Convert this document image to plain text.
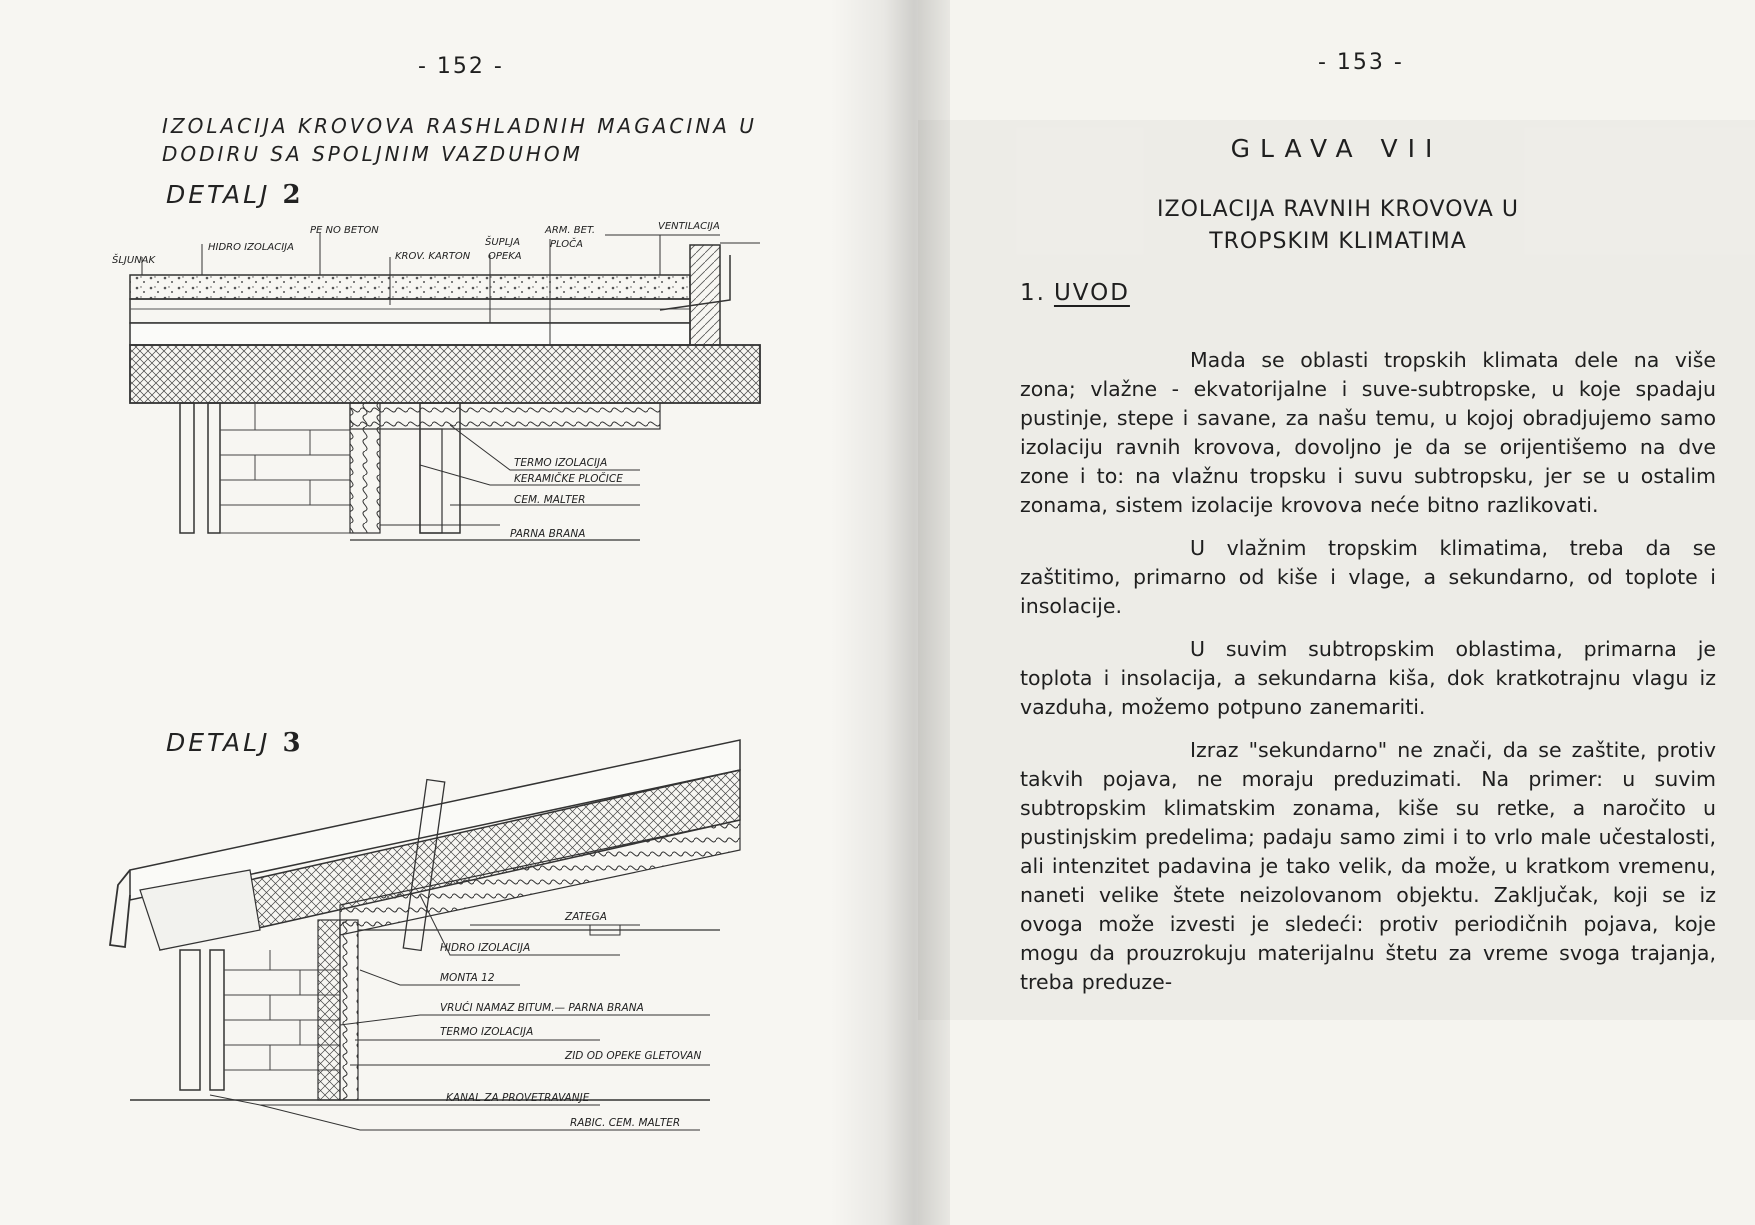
- 152 -
IZOLACIJA KROVOVA RASHLADNIH MAGACINA U
DODIRU SA SPOLJNIM VAZDUHOM
DETALJ 2
ŠLJUNAK
HIDRO IZOLACIJA
PE NO BETON
KROV. KARTON
ŠUPLJA
OPEKA
ARM. BET.
PLOČA
VENTILACIJA
TERMO IZOLACIJA
KERAMIČKE PLOČICE
CEM. MALTER
PARNA BRANA
DETALJ 3
ZATEGA
HIDRO IZOLACIJA
MONTA 12
VRUĆI NAMAZ BITUM.— PARNA BRANA
TERMO IZOLACIJA
ZID OD OPEKE GLETOVAN
KANAL ZA PROVETRAVANJE
RABIC. CEM. MALTER
- 153 -
GLAVA VII
IZOLACIJA RAVNIH KROVOVA U TROPSKIM KLIMATIMA
1. UVOD

Mada se oblasti tropskih klimata dele na više zona; vlažne - ekvatorijalne i suve-subtropske, u koje spadaju pustinje, stepe i savane, za našu temu, u kojoj obradjujemo samo izolaciju ravnih krovova, dovoljno je da se orijentišemo na dve zone i to: na vlažnu tropsku i suvu subtropsku, jer se u ostalim zonama, sistem izolacije krovova neće bitno razlikovati.

U vlažnim tropskim klimatima, treba da se zaštitimo, primarno od kiše i vlage, a sekundarno, od toplote i insolacije.

U suvim subtropskim oblastima, primarna je toplota i insolacija, a sekundarna kiša, dok kratkotrajnu vlagu iz vazduha, možemo potpuno zanemariti.

Izraz "sekundarno" ne znači, da se zaštite, protiv takvih pojava, ne moraju preduzimati. Na primer: u suvim subtropskim klimatskim zonama, kiše su retke, a naročito u pustinjskim predelima; padaju samo zimi i to vrlo male učestalosti, ali intenzitet padavina je tako velik, da može, u kratkom vremenu, naneti velike štete neizolovanom objektu. Zaključak, koji se iz ovoga može izvesti je sledeći: protiv periodičnih pojava, koje mogu da prouzrokuju materijalnu štetu za vreme svoga trajanja, treba preduze-
